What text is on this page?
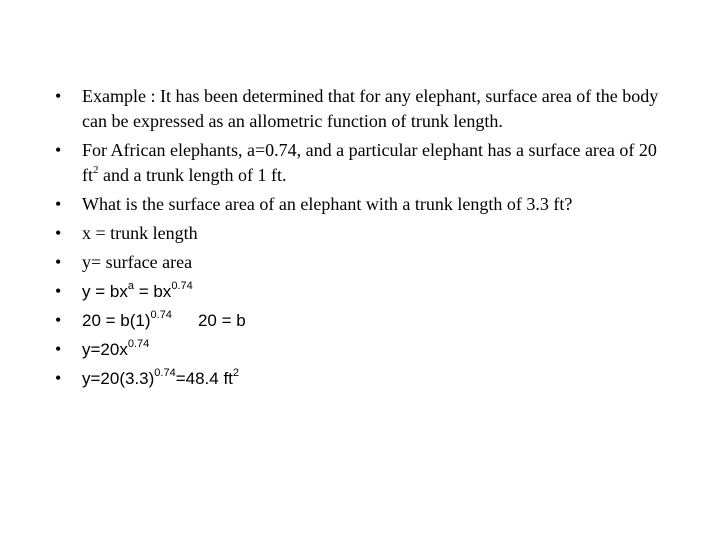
•	Example : It has been determined that for any elephant, surface area of the body can be expressed as an allometric function of trunk length.
•	For African elephants, a=0.74, and a particular elephant has a surface area of 20 $ft^2$ and a trunk length of 1 ft.
•	What is the surface area of an elephant with a trunk length of 3.3 ft?
•	x = trunk length
•	y= surface area
•	$y = bx^a = bx^{0.74}$
•	$20 = b(1)^{0.74}$ 20 = b
•	$y=20x^{0.74}$
•	$y=20(3.3)^{0.74}=48.4$ $ft^2$
